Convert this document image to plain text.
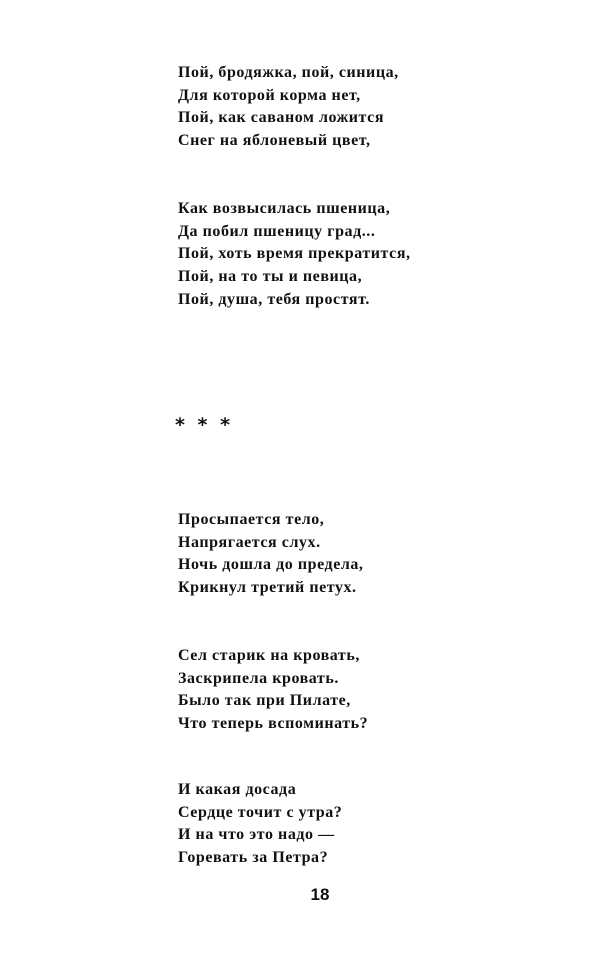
Пой, бродяжка, пой, синица,
Для которой корма нет,
Пой, как саваном ложится
Снег на яблоневый цвет,
Как возвысилась пшеница,
Да побил пшеницу град...
Пой, хоть время прекратится,
Пой, на то ты и певица,
Пой, душа, тебя простят.
* * *
Просыпается тело,
Напрягается слух.
Ночь дошла до предела,
Крикнул третий петух.
Сел старик на кровать,
Заскрипела кровать.
Было так при Пилате,
Что теперь вспоминать?
И какая досада
Сердце точит с утра?
И на что это надо —
Горевать за Петра?
18
